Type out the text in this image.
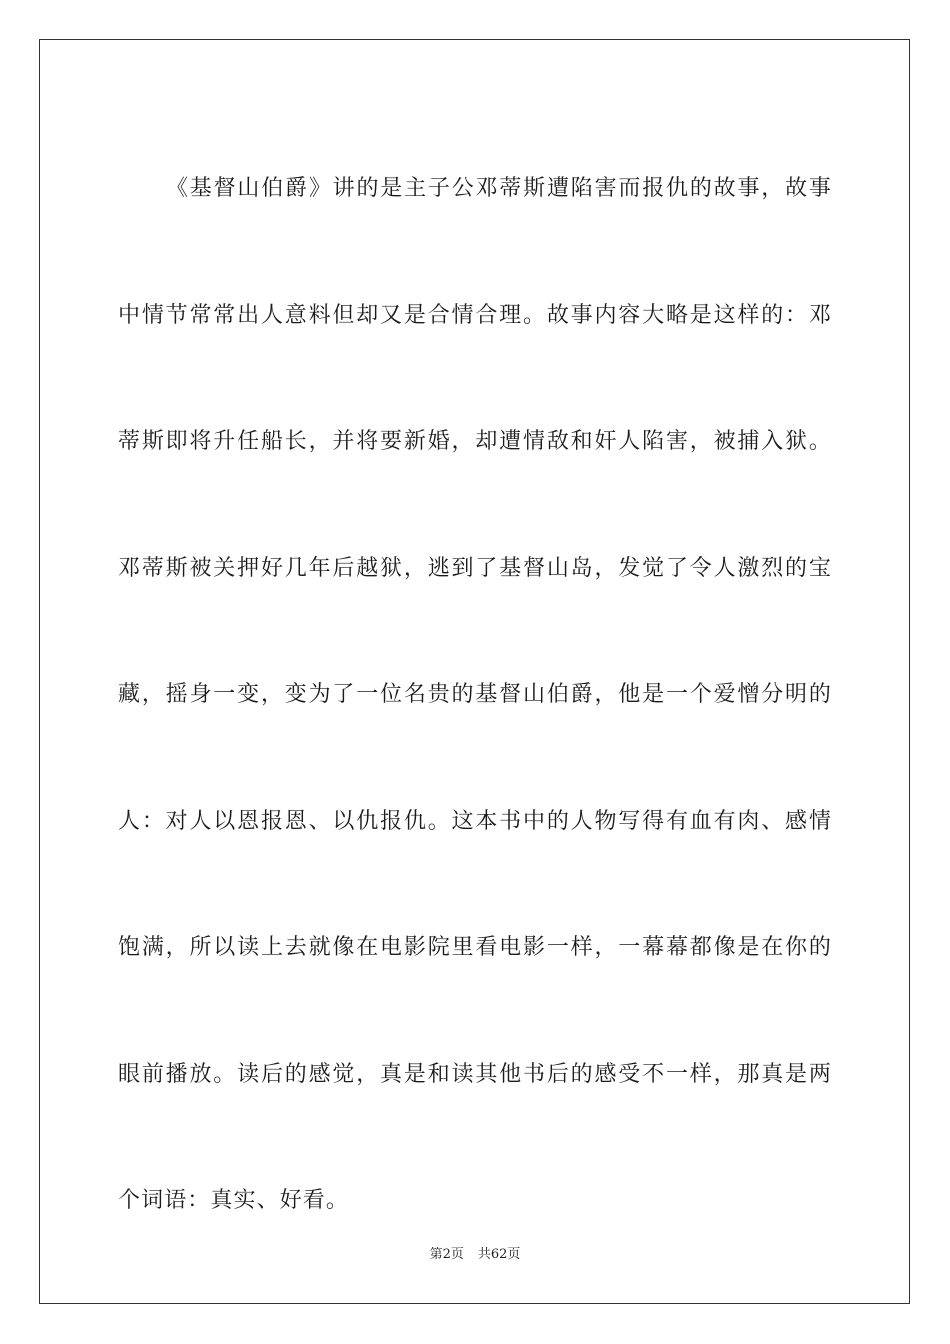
《基督山伯爵》讲的是主子公邓蒂斯遭陷害而报仇的故事，故事中情节常常出人意料但却又是合情合理。故事内容大略是这样的：邓蒂斯即将升任船长，并将要新婚，却遭情敌和奸人陷害，被捕入狱。邓蒂斯被关押好几年后越狱，逃到了基督山岛，发觉了令人激烈的宝藏，摇身一变，变为了一位名贵的基督山伯爵，他是一个爱憎分明的人：对人以恩报恩、以仇报仇。这本书中的人物写得有血有肉、感情饱满，所以读上去就像在电影院里看电影一样，一幕幕都像是在你的眼前播放。读后的感觉，真是和读其他书后的感受不一样，那真是两个词语：真实、好看。

第2页 共62页
